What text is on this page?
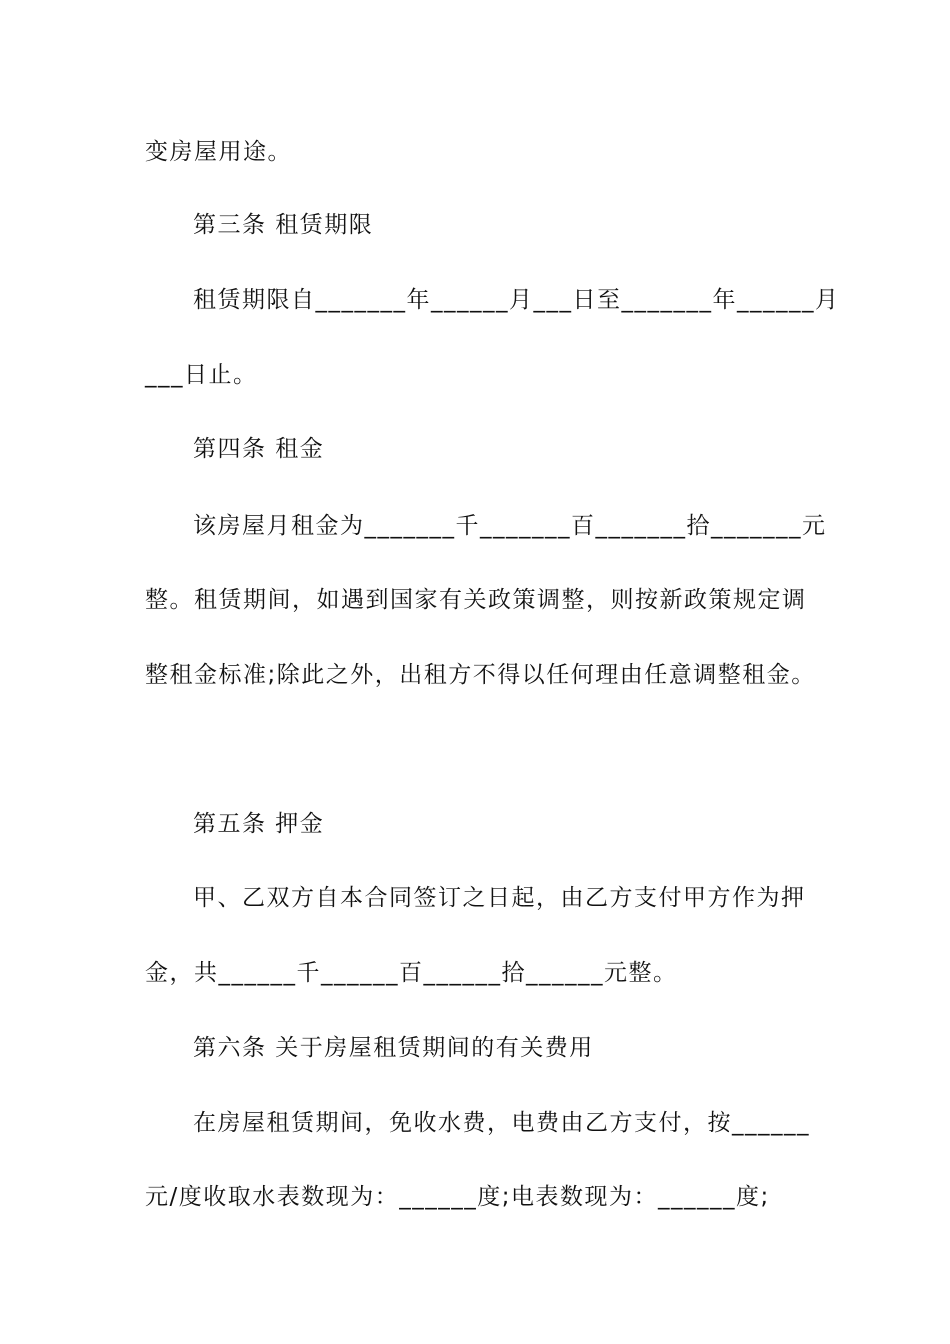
变房屋用途。
第三条 租赁期限
租赁期限自_______年______月___日至_______年______月
___日止。
第四条 租金
该房屋月租金为_______千_______百_______拾_______元
整。租赁期间，如遇到国家有关政策调整，则按新政策规定调
整租金标准;除此之外，出租方不得以任何理由任意调整租金。
第五条 押金
甲、乙双方自本合同签订之日起，由乙方支付甲方作为押
金，共______千______百______拾______元整。
第六条 关于房屋租赁期间的有关费用
在房屋租赁期间，免收水费，电费由乙方支付，按______
元/度收取水表数现为：______度;电表数现为：______度;
